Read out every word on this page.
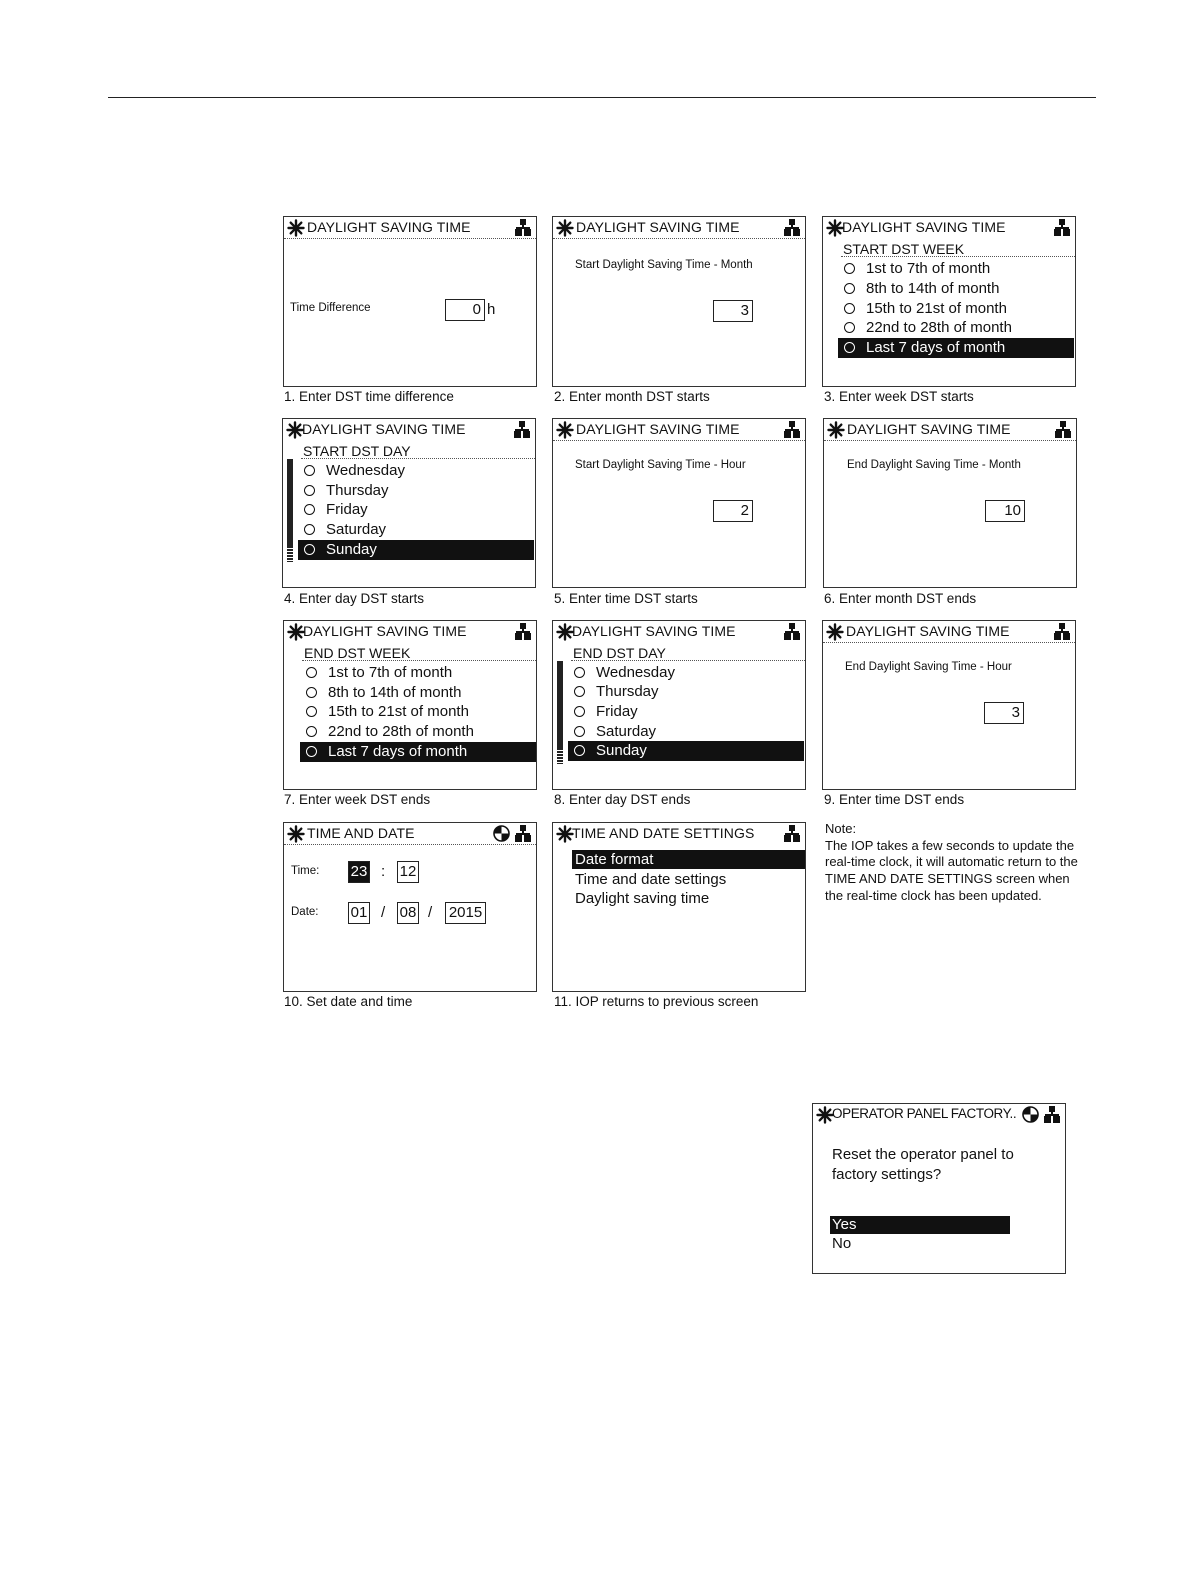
DAYLIGHT SAVING TIME
Time Difference	0 h
1. Enter DST time difference
DAYLIGHT SAVING TIME
Start Daylight Saving Time - Month
3
2. Enter month DST starts
DAYLIGHT SAVING TIME
START DST WEEK
1st to 7th of month
8th to 14th of month
15th to 21st of month
22nd to 28th of month
Last 7 days of month
3. Enter week DST starts
DAYLIGHT SAVING TIME
START DST DAY
Wednesday
Thursday
Friday
Saturday
Sunday
4. Enter day DST starts
DAYLIGHT SAVING TIME
Start Daylight Saving Time - Hour
2
5. Enter time DST starts
DAYLIGHT SAVING TIME
End Daylight Saving Time - Month
10
6. Enter month DST ends
DAYLIGHT SAVING TIME
END DST WEEK
1st to 7th of month
8th to 14th of month
15th to 21st of month
22nd to 28th of month
Last 7 days of month
7. Enter week DST ends
DAYLIGHT SAVING TIME
END DST DAY
Wednesday
Thursday
Friday
Saturday
Sunday
8. Enter day DST ends
DAYLIGHT SAVING TIME
End Daylight Saving Time - Hour
3
9. Enter time DST ends
TIME AND DATE
Time: 23 : 12
Date: 01 / 08 / 2015
10. Set date and time
TIME AND DATE SETTINGS
Date format
Time and date settings
Daylight saving time
11. IOP returns to previous screen
Note:
The IOP takes a few seconds to update the real-time clock, it will automatic return to the TIME AND DATE SETTINGS screen when the real-time clock has been updated.
OPERATOR PANEL FACTORY..
Reset the operator panel to factory settings?
Yes
No
